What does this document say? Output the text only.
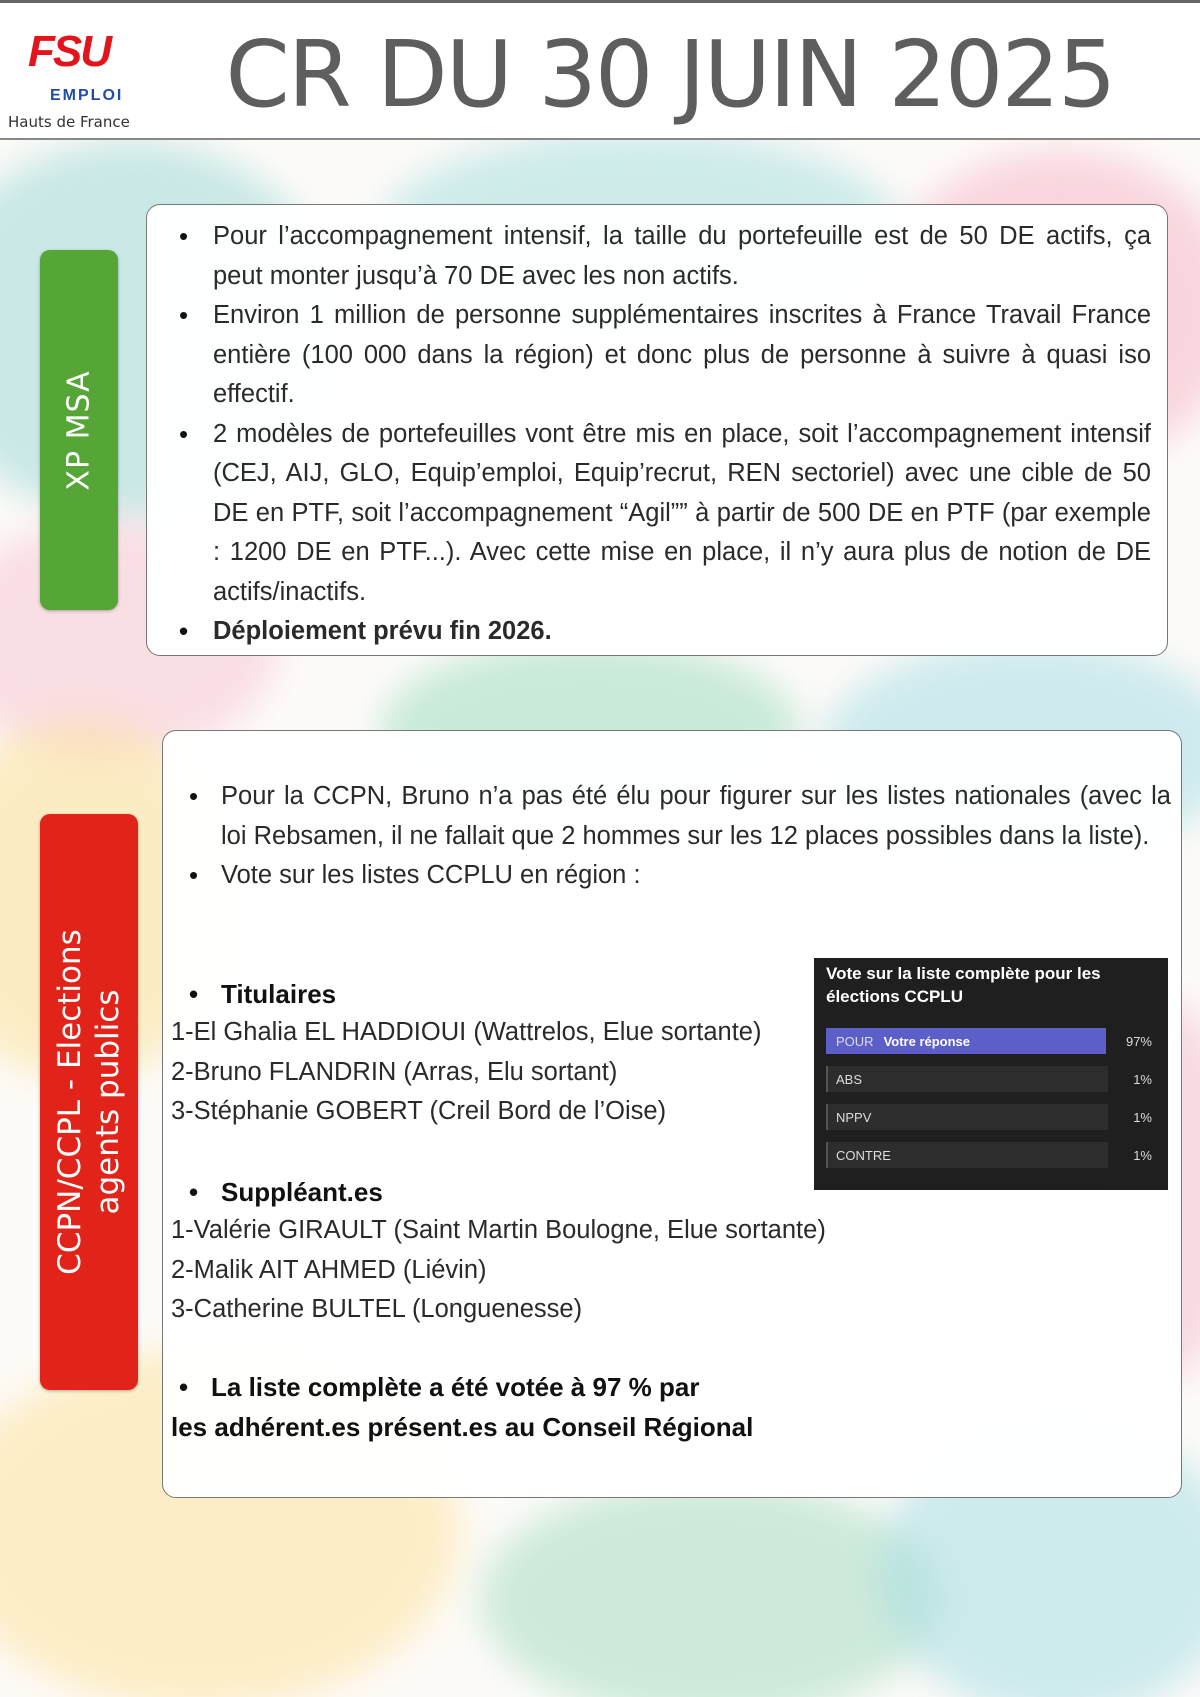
FSU
EMPLOI
Hauts de France CR DU 30 JUIN 2025
XP MSA
• Pour l’accompagnement intensif, la taille du portefeuille est de 50 DE actifs, ça peut monter jusqu’à 70 DE avec les non actifs.
• Environ 1 million de personne supplémentaires inscrites à France Travail France entière (100 000 dans la région) et donc plus de personne à suivre à quasi iso effectif.
• 2 modèles de portefeuilles vont être mis en place, soit l’accompagnement intensif (CEJ, AIJ, GLO, Equip’emploi, Equip’recrut, REN sectoriel) avec une cible de 50 DE en PTF, soit l’accompagnement “Agil”” à partir de 500 DE en PTF (par exemple : 1200 DE en PTF...). Avec cette mise en place, il n’y aura plus de notion de DE actifs/inactifs.
• Déploiement prévu fin 2026.
CCPN/CCPL - Elections
agents publics
• Pour la CCPN, Bruno n’a pas été élu pour figurer sur les listes nationales (avec la loi Rebsamen, il ne fallait que 2 hommes sur les 12 places possibles dans la liste).
• Vote sur les listes CCPLU en région :
• Titulaires
1-El Ghalia EL HADDIOUI (Wattrelos, Elue sortante)
2-Bruno FLANDRIN (Arras, Elu sortant)
3-Stéphanie GOBERT (Creil Bord de l’Oise)
• Suppléant.es
1-Valérie GIRAULT (Saint Martin Boulogne, Elue sortante)
2-Malik AIT AHMED (Liévin)
3-Catherine BULTEL (Longuenesse)
• La liste complète a été votée à 97 % par
les adhérent.es présent.es au Conseil Régional
Vote sur la liste complète pour les élections CCPLU
POUR Votre réponse	97%
ABS	1%
NPPV	1%
CONTRE	1%
